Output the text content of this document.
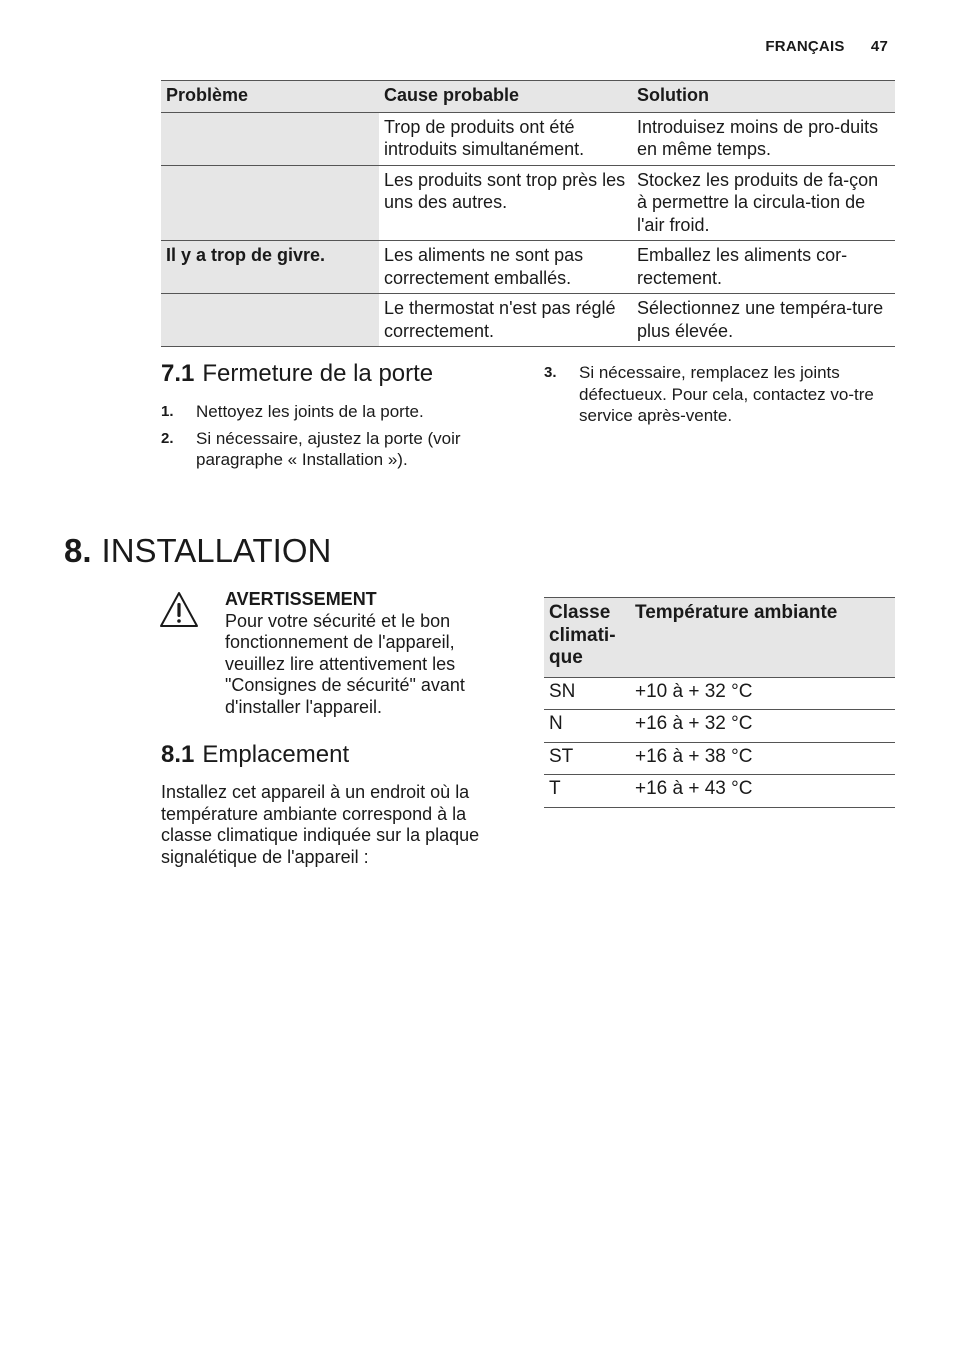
FRANÇAIS 47
Problème	Cause probable	Solution
	Trop de produits ont été introduits simultanément.	Introduisez moins de pro-duits en même temps.
	Les produits sont trop près les uns des autres.	Stockez les produits de fa-çon à permettre la circula-tion de l'air froid.
Il y a trop de givre.	Les aliments ne sont pas correctement emballés.	Emballez les aliments cor-rectement.
	Le thermostat n'est pas réglé correctement.	Sélectionnez une tempéra-ture plus élevée.
7.1 Fermeture de la porte
1. Nettoyez les joints de la porte.
2. Si nécessaire, ajustez la porte (voir paragraphe « Installation »).
3. Si nécessaire, remplacez les joints défectueux. Pour cela, contactez vo-tre service après-vente.
8. INSTALLATION
AVERTISSEMENT
Pour votre sécurité et le bon fonctionnement de l'appareil, veuillez lire attentivement les "Consignes de sécurité" avant d'installer l'appareil.
8.1 Emplacement

Installez cet appareil à un endroit où la température ambiante correspond à la classe climatique indiquée sur la plaque signalétique de l'appareil :

Classe climati-que	Température ambiante
SN	+10 à + 32 °C
N	+16 à + 32 °C
ST	+16 à + 38 °C
T	+16 à + 43 °C
